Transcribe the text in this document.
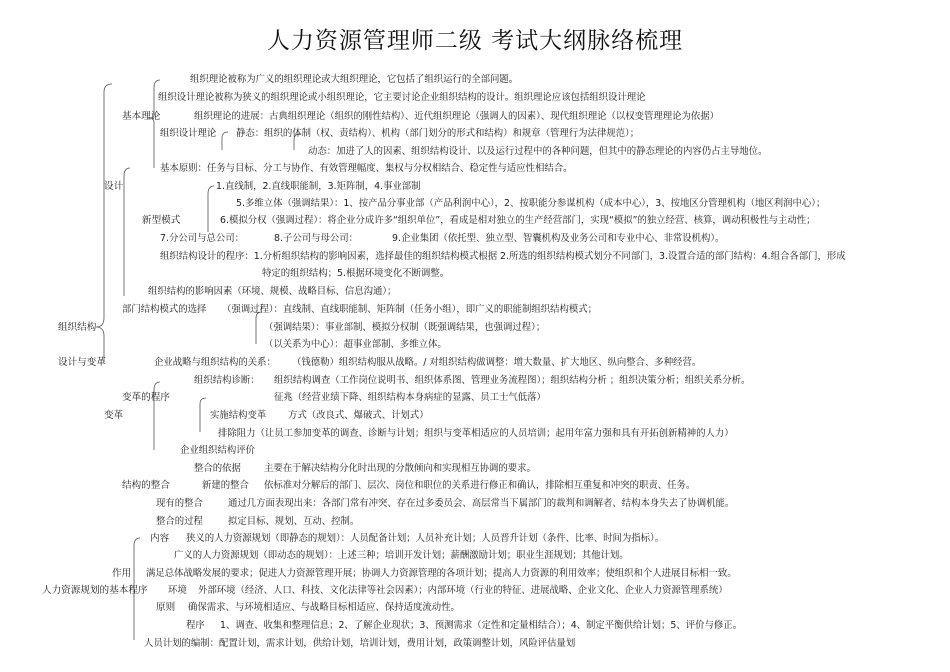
人力资源管理师二级 考试大纲脉络梳理
基本理论
设计
新型模式
组织结构
设计与变革
变革的程序
变革
结构的整合
内容
作用
人力资源规划的基本程序
原则
组织理论被称为广义的组织理论或大组织理论，它包括了组织运行的全部问题。
组织设计理论被称为狭义的组织理论或小组织理论，它主要讨论企业组织结构的设计。组织理论应该包括组织设计理论
组织理论的进展：古典组织理论（组织的刚性结构）、近代组织理论（强调人的因素）、现代组织理论（以权变管理理论为依据）
组织设计理论 静态：组织的体制（权、责结构）、机构（部门划分的形式和结构）和规章（管理行为法律规范）；
动态：加进了人的因素、组织结构设计、以及运行过程中的各种问题，但其中的静态理论的内容仍占主导地位。
基本原则：任务与目标、分工与协作、有效管理幅度、集权与分权相结合、稳定性与适应性相结合。
1.直线制，2.直线职能制，3.矩阵制，4.事业部制
5.多维立体（强调结果）：1、按产品分事业部（产品利润中心），2、按职能分参谋机构（成本中心），3、按地区分管理机构（地区利润中心）；
6.模拟分权（强调过程）：将企业分成许多“组织单位”，看成是相对独立的生产经营部门，实现“模拟”的独立经营、核算，调动积极性与主动性；
7.分公司与总公司：	8.子公司与母公司：	9.企业集团（依托型、独立型、智囊机构及业务公司和专业中心、非常设机构）。
组织结构设计的程序：1.分析组织结构的影响因素，选择最佳的组织结构模式根据 2.所选的组织结构模式划分不同部门，3.设置合适的部门结构：4.组合各部门，形成
特定的组织结构；5.根据环境变化不断调整。
组织结构的影响因素（环境、规模、战略目标、信息沟通）；
部门结构模式的选择 （强调过程）：直线制、直线职能制、矩阵制（任务小组），即广义的职能制组织结构模式；
（强调结果）：事业部制、模拟分权制（既强调结果，也强调过程）；
（以关系为中心）：超事业部制、多维立体。
企业战略与组织结构的关系： （钱德勒）组织结构服从战略。/ 对组织结构做调整：增大数量、扩大地区、纵向整合、多种经营。
组织结构诊断： 组织结构调查（工作岗位说明书、组织体系图、管理业务流程图）；组织结构分析 ；组织决策分析；组织关系分析。
征兆（经营业绩下降、组织结构本身病症的显露、员工士气低落）
实施结构变革 方式（改良式、爆破式、计划式）
排除阻力（让员工参加变革的调查、诊断与计划；组织与变革相适应的人员培训；起用年富力强和具有开拓创新精神的人力）
企业组织结构评价
整合的依据 主要在于解决结构分化时出现的分散倾向和实现相互协调的要求。
新建的整合 依标准对分解后的部门、层次、岗位和职位的关系进行修正和确认，排除相互重复和冲突的职责、任务。
现有的整合	通过几方面表现出来：各部门常有冲突、存在过多委员会、高层常当下属部门的裁判和调解者、结构本身失去了协调机能。
整合的过程	拟定目标、规划、互动、控制。
狭义的人力资源规划（即静态的规划）：人员配备计划；人员补充计划；人员晋升计划（条件、比率、时间为指标）。
广义的人力资源规划（即动态的规划）：上述三种；培训开发计划；薪酬激励计划；职业生涯规划；其他计划。
满足总体战略发展的要求；促进人力资源管理开展；协调人力资源管理的各项计划；提高人力资源的利用效率；使组织和个人进展目标相一致。
环境 外部环境（经济、人口、科技、文化法律等社会因素）；内部环境（行业的特征、进展战略、企业文化、企业人力资源管理系统）
确保需求、与环境相适应、与战略目标相适应、保持适度流动性。
程序 1、调查、收集和整理信息；2、了解企业现状；3、预测需求（定性和定量相结合）；4、制定平衡供给计划；5、评价与修正。
人员计划的编制：配置计划，需求计划，供给计划，培训计划，费用计划，政策调整计划，风险评估量划
